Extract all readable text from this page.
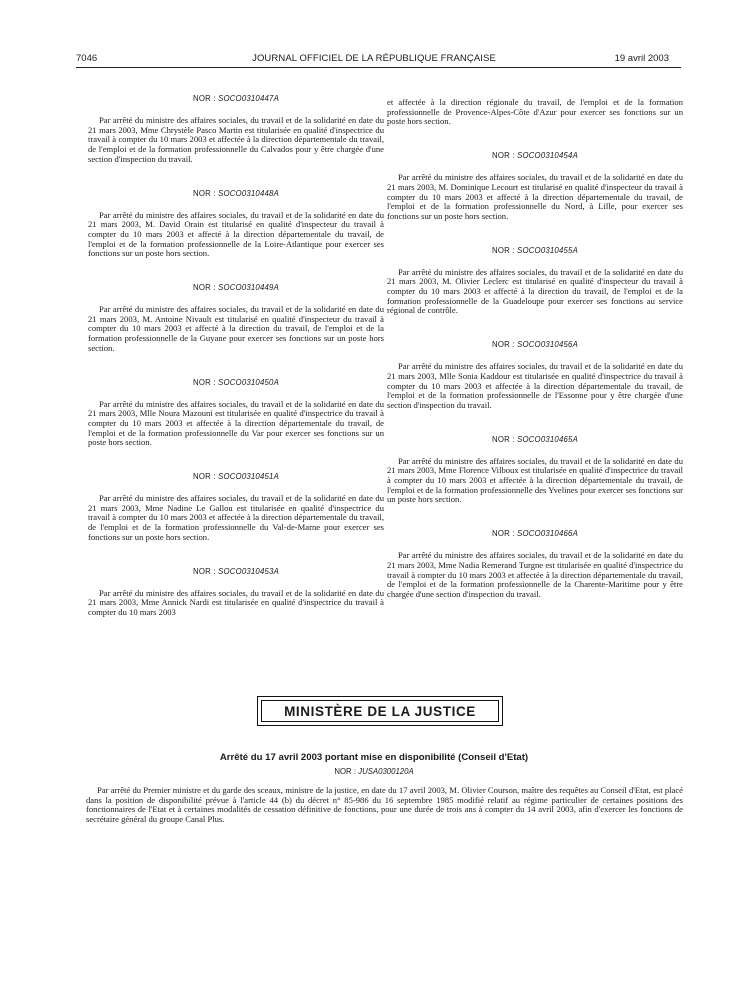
7046	JOURNAL OFFICIEL DE LA RÉPUBLIQUE FRANÇAISE	19 avril 2003

NOR : SOCO0310447A

Par arrêté du ministre des affaires sociales, du travail et de la solidarité en date du 21 mars 2003, Mme Chrystèle Pasco Martin est titularisée en qualité d'inspectrice du travail à compter du 10 mars 2003 et affectée à la direction départementale du travail, de l'emploi et de la formation professionnelle du Calvados pour y être chargée d'une section d'inspection du travail.

NOR : SOCO0310448A

Par arrêté du ministre des affaires sociales, du travail et de la solidarité en date du 21 mars 2003, M. David Orain est titularisé en qualité d'inspecteur du travail à compter du 10 mars 2003 et affecté à la direction départementale du travail, de l'emploi et de la formation professionnelle de la Loire-Atlantique pour exercer ses fonctions sur un poste hors section.

NOR : SOCO0310449A

Par arrêté du ministre des affaires sociales, du travail et de la solidarité en date du 21 mars 2003, M. Antoine Nivault est titularisé en qualité d'inspecteur du travail à compter du 10 mars 2003 et affecté à la direction du travail, de l'emploi et de la formation professionnelle de la Guyane pour exercer ses fonctions sur un poste hors section.

NOR : SOCO0310450A

Par arrêté du ministre des affaires sociales, du travail et de la solidarité en date du 21 mars 2003, Mlle Noura Mazouni est titularisée en qualité d'inspectrice du travail à compter du 10 mars 2003 et affectée à la direction départementale du travail, de l'emploi et de la formation professionnelle du Var pour exercer ses fonctions sur un poste hors section.

NOR : SOCO0310451A

Par arrêté du ministre des affaires sociales, du travail et de la solidarité en date du 21 mars 2003, Mme Nadine Le Gallou est titularisée en qualité d'inspectrice du travail à compter du 10 mars 2003 et affectée à la direction départementale du travail, de l'emploi et de la formation professionnelle du Val-de-Marne pour exercer ses fonctions sur un poste hors section.

NOR : SOCO0310453A

Par arrêté du ministre des affaires sociales, du travail et de la solidarité en date du 21 mars 2003, Mme Annick Nardi est titularisée en qualité d'inspectrice du travail à compter du 10 mars 2003

et affectée à la direction régionale du travail, de l'emploi et de la formation professionnelle de Provence-Alpes-Côte d'Azur pour exercer ses fonctions sur un poste hors section.

NOR : SOCO0310454A

Par arrêté du ministre des affaires sociales, du travail et de la solidarité en date du 21 mars 2003, M. Dominique Lecourt est titularisé en qualité d'inspecteur du travail à compter du 10 mars 2003 et affecté à la direction départementale du travail, de l'emploi et de la formation professionnelle du Nord, à Lille, pour exercer ses fonctions sur un poste hors section.

NOR : SOCO0310455A

Par arrêté du ministre des affaires sociales, du travail et de la solidarité en date du 21 mars 2003, M. Olivier Leclerc est titularisé en qualité d'inspecteur du travail à compter du 10 mars 2003 et affecté à la direction du travail, de l'emploi et de la formation professionnelle de la Guadeloupe pour exercer ses fonctions au service régional de contrôle.

NOR : SOCO0310456A

Par arrêté du ministre des affaires sociales, du travail et de la solidarité en date du 21 mars 2003, Mlle Sonia Kaddour est titularisée en qualité d'inspectrice du travail à compter du 10 mars 2003 et affectée à la direction départementale du travail, de l'emploi et de la formation professionnelle de l'Essonne pour y être chargée d'une section d'inspection du travail.

NOR : SOCO0310465A

Par arrêté du ministre des affaires sociales, du travail et de la solidarité en date du 21 mars 2003, Mme Florence Vilboux est titularisée en qualité d'inspectrice du travail à compter du 10 mars 2003 et affectée à la direction départementale du travail, de l'emploi et de la formation professionnelle des Yvelines pour exercer ses fonctions sur un poste hors section.

NOR : SOCO0310466A

Par arrêté du ministre des affaires sociales, du travail et de la solidarité en date du 21 mars 2003, Mme Nadia Remerand Turgne est titularisée en qualité d'inspectrice du travail à compter du 10 mars 2003 et affectée à la direction départementale du travail, de l'emploi et de la formation professionnelle de la Charente-Maritime pour y être chargée d'une section d'inspection du travail.

MINISTÈRE DE LA JUSTICE
Arrêté du 17 avril 2003 portant mise en disponibilité (Conseil d'Etat)
NOR : JUSA0300120A

Par arrêté du Premier ministre et du garde des sceaux, ministre de la justice, en date du 17 avril 2003, M. Olivier Courson, maître des requêtes au Conseil d'Etat, est placé dans la position de disponibilité prévue à l'article 44 (b) du décret n° 85-986 du 16 septembre 1985 modifié relatif au régime particulier de certaines positions des fonctionnaires de l'Etat et à certaines modalités de cessation définitive de fonctions, pour une durée de trois ans à compter du 14 avril 2003, afin d'exercer les fonctions de secrétaire général du groupe Canal Plus.
